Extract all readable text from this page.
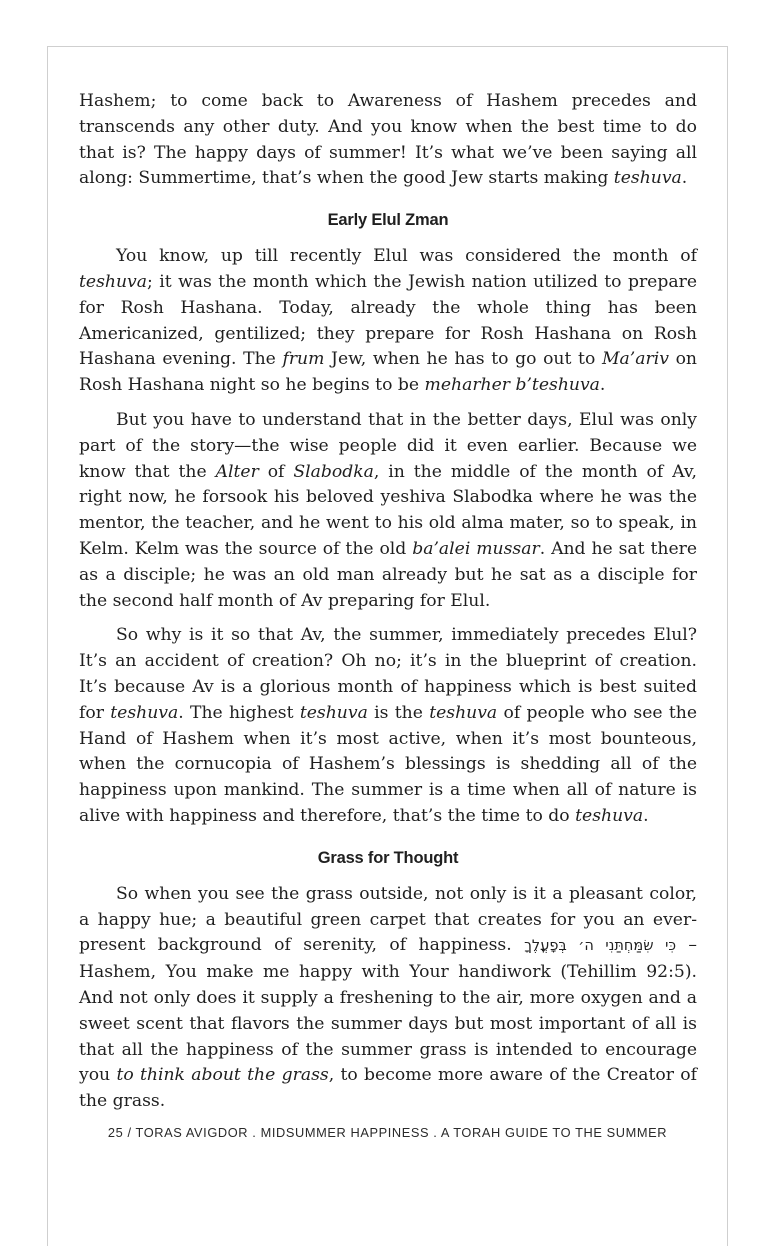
Hashem; to come back to Awareness of Hashem precedes and transcends any other duty. And you know when the best time to do that is? The happy days of summer! It’s what we’ve been saying all along: Summertime, that’s when the good Jew starts making teshuva.

Early Elul Zman

You know, up till recently Elul was considered the month of teshuva; it was the month which the Jewish nation utilized to prepare for Rosh Hashana. Today, already the whole thing has been Americanized, gentilized; they prepare for Rosh Hashana on Rosh Hashana evening. The frum Jew, when he has to go out to Ma’ariv on Rosh Hashana night so he begins to be meharher b’teshuva.

But you have to understand that in the better days, Elul was only part of the story—the wise people did it even earlier. Because we know that the Alter of Slabodka, in the middle of the month of Av, right now, he forsook his beloved yeshiva Slabodka where he was the mentor, the teacher, and he went to his old alma mater, so to speak, in Kelm. Kelm was the source of the old ba’alei mussar. And he sat there as a disciple; he was an old man already but he sat as a disciple for the second half month of Av preparing for Elul.

So why is it so that Av, the summer, immediately precedes Elul? It’s an accident of creation? Oh no; it’s in the blueprint of creation. It’s because Av is a glorious month of happiness which is best suited for teshuva. The highest teshuva is the teshuva of people who see the Hand of Hashem when it’s most active, when it’s most bounteous, when the cornucopia of Hashem’s blessings is shedding all of the happiness upon mankind. The summer is a time when all of nature is alive with happiness and therefore, that’s the time to do teshuva.

Grass for Thought

So when you see the grass outside, not only is it a pleasant color, a happy hue; a beautiful green carpet that creates for you an ever-present background of serenity, of happiness. כִּי שִׂמַּחְתַּנִי ה׳ בְּפָעֳלֶךָ – Hashem, You make me happy with Your handiwork (Tehillim 92:5). And not only does it supply a freshening to the air, more oxygen and a sweet scent that flavors the summer days but most important of all is that all the happiness of the summer grass is intended to encourage you to think about the grass, to become more aware of the Creator of the grass.

25 / TORAS AVIGDOR . MIDSUMMER HAPPINESS . A TORAH GUIDE TO THE SUMMER
